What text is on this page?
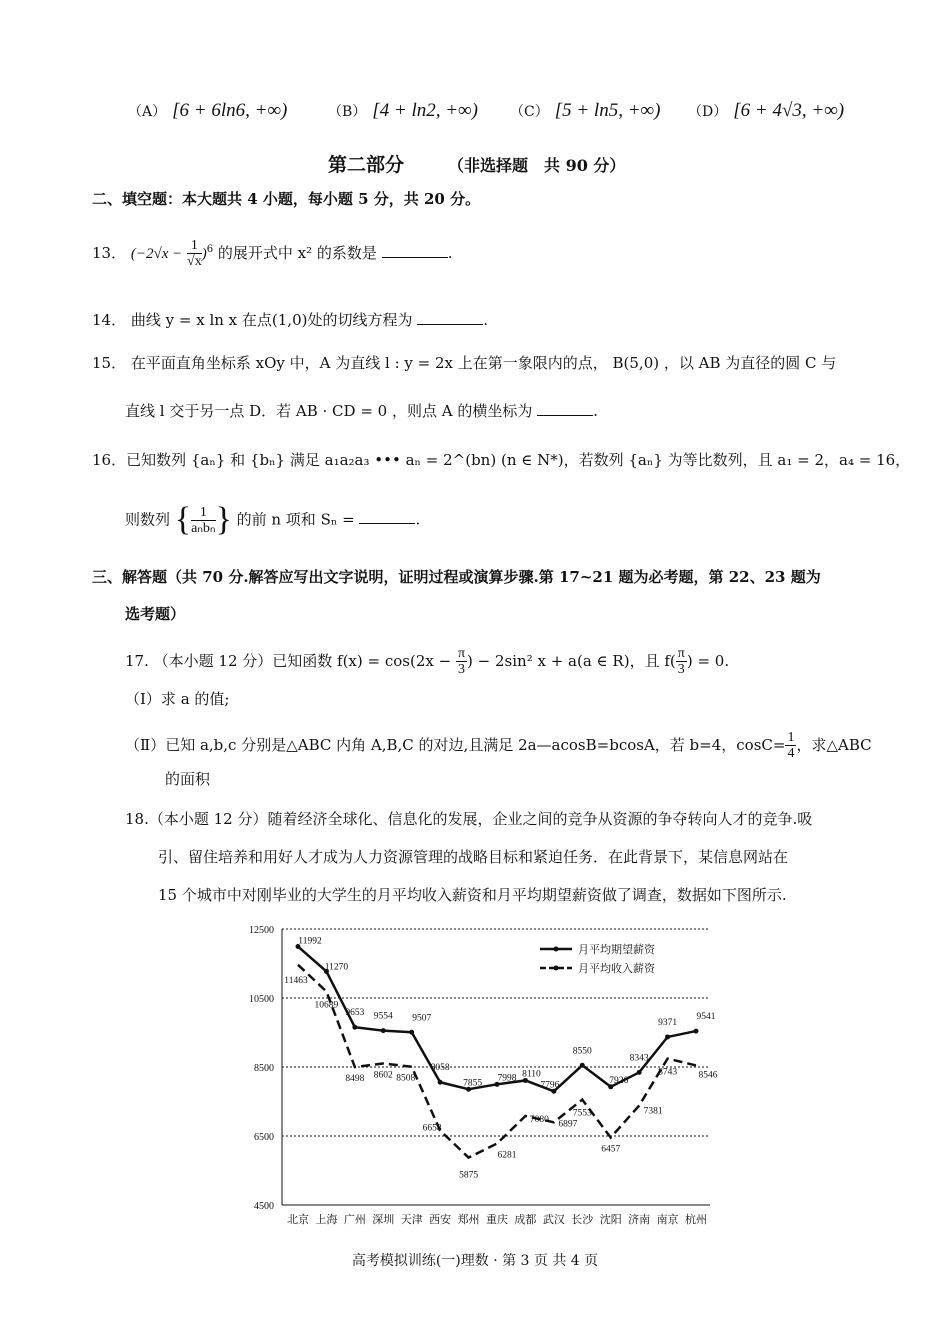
（A） [6 + 6ln6, +∞)	（B） [4 + ln2, +∞) （C） [5 + ln5, +∞) （D） [6 + 4√3, +∞)
第二部分	（非选择题　共 90 分）
二、填空题：本大题共 4 小题，每小题 5 分，共 20 分。
13． $(-2√x - \frac{1}{√x} )^6$ 的展开式中 x² 的系数是	.
14． 曲线 y = x ln x 在点(1,0)处的切线方程为	.
15． 在平面直角坐标系 xOy 中，A 为直线 l : y = 2x 上在第一象限内的点， B(5,0) ，以 AB 为直径的圆 C 与
直线 l 交于另一点 D．若 AB · CD = 0 ，则点 A 的横坐标为	.
16．已知数列 {aₙ} 和 {bₙ} 满足 a₁a₂a₃ ••• aₙ = 2^(bn) (n ∈ N*)，若数列 {aₙ} 为等比数列，且 a₁ = 2，a₄ = 16，
则数列 { $\frac{1}{\text{aₙbₙ}}$ } 的前 n 项和 Sₙ =	.
三、解答题（共 70 分.解答应写出文字说明，证明过程或演算步骤.第 17~21 题为必考题，第 22、23 题为
选考题）
17. （本小题 12 分）已知函数 $f(x) = \cos(2x - \frac{\pi}{3}$ ) − 2sin² x + a(a ∈ R)，且 $f( \frac{\pi}{3}$ ) = 0.
（Ⅰ）求 a 的值;
（Ⅱ）已知 a,b,c 分别是△ABC 内角 A,B,C 的对边,且满足 2a—acosB=bcosA，若 b=4，$\cos C= \frac{1}{4}$ ，求△ABC
的面积
18.（本小题 12 分）随着经济全球化、信息化的发展，企业之间的竞争从资源的争夺转向人才的竞争.吸
引、留住培养和用好人才成为人力资源管理的战略目标和紧迫任务．在此背景下，某信息网站在
15 个城市中对刚毕业的大学生的月平均收入薪资和月平均期望薪资做了调查，数据如下图所示.
4500
6500
8500
10500
12500
北京 上海 广州 深圳 天津 西安 郑州 重庆 成都 武汉 长沙 沈阳 济南 南京 杭州
11992
11270
9653 9554 9507
8058
7855 7998 8110
7796
8550
7926
8343
9371
9541
11463
10689
8498 8602 8508
6658
5875
6281
7080 6897
7553
6457
7381
8743 8546
月平均期望薪资
月平均收入薪资
高考模拟训练(一)理数 · 第 3 页 共 4 页
